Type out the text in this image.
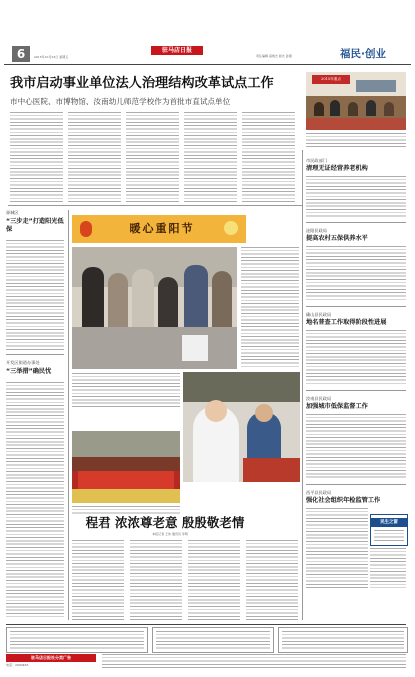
6	2015年10月23日 星期五
驻马店日报
责任编辑 高炳志 版式 孙强	福民·创业
我市启动事业单位法人治理结构改革试点工作
市中心医院、市博物馆、汝南幼儿师范学校作为首批市直试点单位
2015年重点
驿城区
“三步走”打造阳光低保
开发区街道办事处
“三举措”确民忧
暖心重阳节
程君 浓浓尊老意 殷殷敬老情
本报记者 王伟 通讯员 李明
市民政部门
清理无证经营养老机构
泌阳民政局
提高农村五保供养水平
确山县民政局
地名普查工作取得阶段性进展
汝南县民政局
加强城市低保监督工作
西平县民政局
强化社会组织年检监管工作
民生之窗
驻马店日报社分类广告
电话：2993456
